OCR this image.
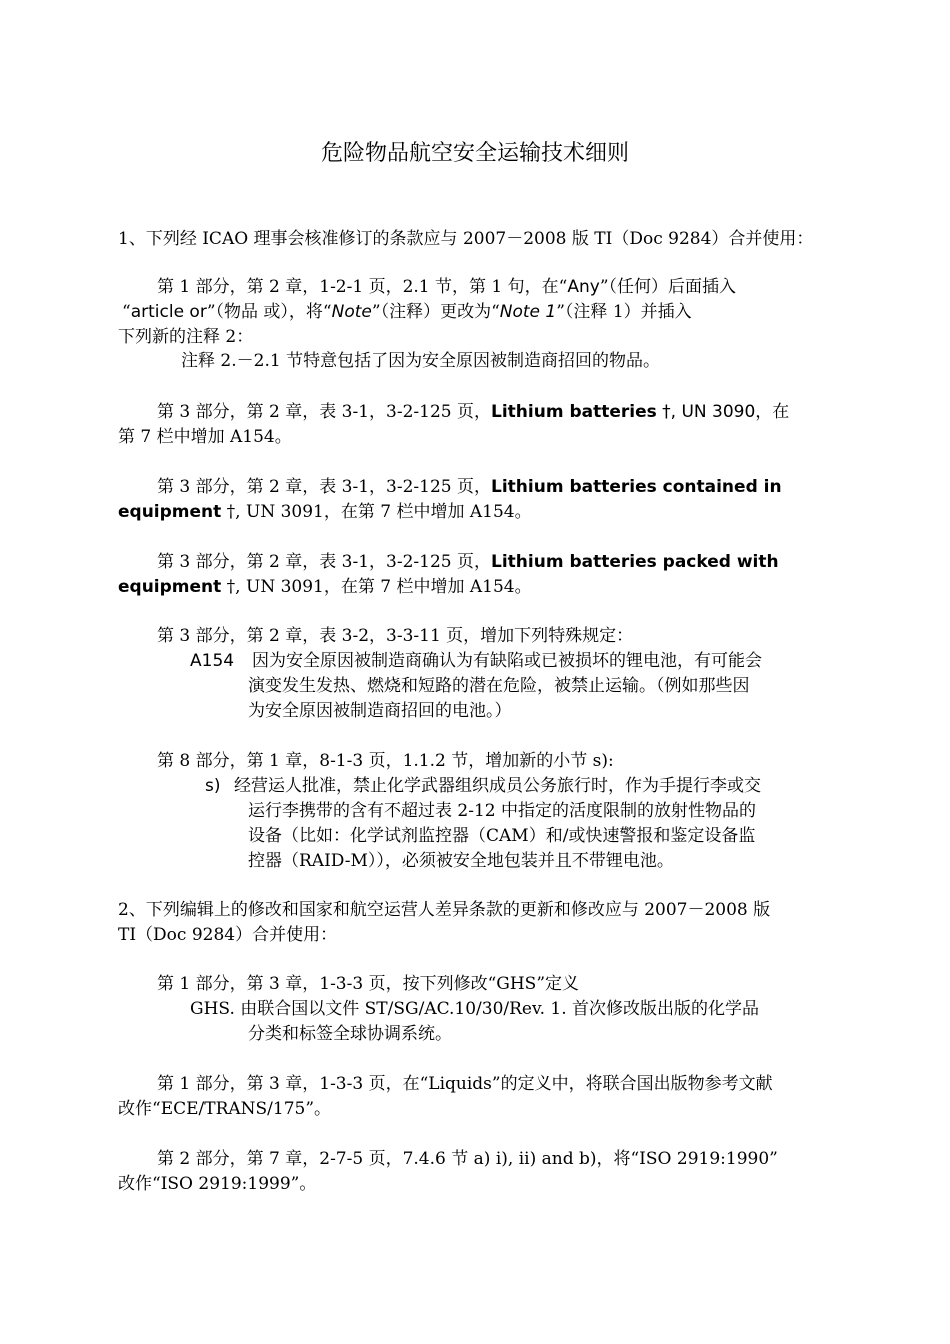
危险物品航空安全运输技术细则
1、下列经 ICAO 理事会核准修订的条款应与 2007－2008 版 TI（Doc 9284）合并使用：
第 1 部分，第 2 章，1-2-1 页，2.1 节，第 1 句，在“Any”（任何）后面插入
“article or”（物品 或），将“Note”（注释）更改为“Note 1”（注释 1）并插入
下列新的注释 2：
注释 2.－2.1 节特意包括了因为安全原因被制造商招回的物品。
第 3 部分，第 2 章，表 3-1，3-2-125 页，Lithium batteries †, UN 3090，在
第 7 栏中增加 A154。
第 3 部分，第 2 章，表 3-1，3-2-125 页，Lithium batteries contained in
equipment †, UN 3091，在第 7 栏中增加 A154。
第 3 部分，第 2 章，表 3-1，3-2-125 页，Lithium batteries packed with
equipment †, UN 3091，在第 7 栏中增加 A154。
第 3 部分，第 2 章，表 3-2，3-3-11 页，增加下列特殊规定：
A154 因为安全原因被制造商确认为有缺陷或已被损坏的锂电池，有可能会
演变发生发热、燃烧和短路的潜在危险，被禁止运输。（例如那些因
为安全原因被制造商招回的电池。）
第 8 部分，第 1 章，8-1-3 页，1.1.2 节，增加新的小节 s):
s) 经营运人批准，禁止化学武器组织成员公务旅行时，作为手提行李或交
运行李携带的含有不超过表 2-12 中指定的活度限制的放射性物品的
设备（比如：化学试剂监控器（CAM）和/或快速警报和鉴定设备监
控器（RAID-M）），必须被安全地包装并且不带锂电池。
2、下列编辑上的修改和国家和航空运营人差异条款的更新和修改应与 2007－2008 版
TI（Doc 9284）合并使用：
第 1 部分，第 3 章，1-3-3 页，按下列修改“GHS”定义
GHS. 由联合国以文件 ST/SG/AC.10/30/Rev. 1. 首次修改版出版的化学品
分类和标签全球协调系统。
第 1 部分，第 3 章，1-3-3 页，在“Liquids”的定义中，将联合国出版物参考文献
改作“ECE/TRANS/175”。
第 2 部分，第 7 章，2-7-5 页，7.4.6 节 a) i), ii) and b)，将“ISO 2919:1990”
改作“ISO 2919:1999”。
